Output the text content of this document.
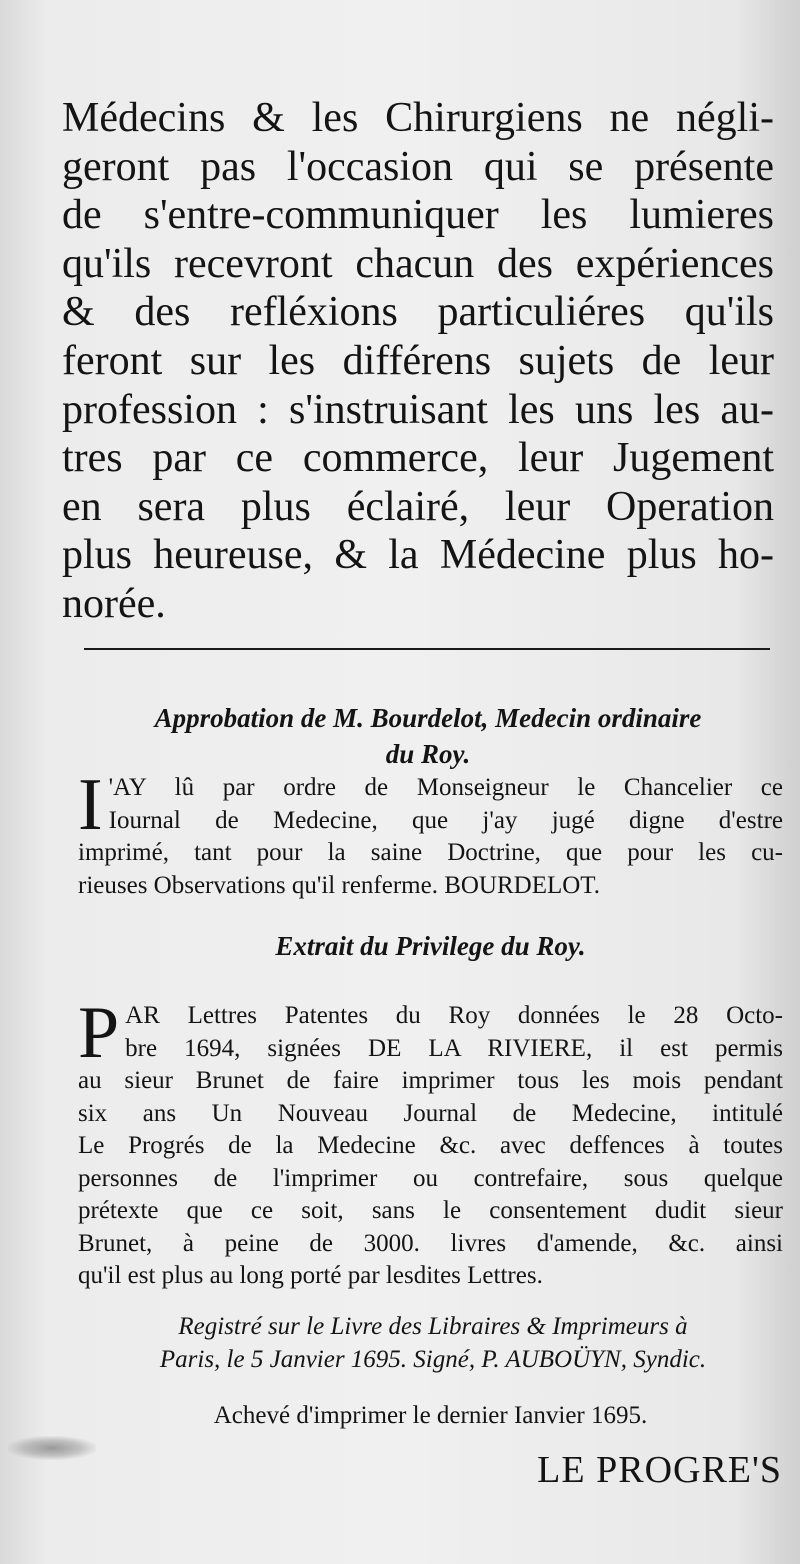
Médecins & les Chirurgiens ne négli-
geront pas l'occasion qui se présente
de s'entre-communiquer les lumieres
qu'ils recevront chacun des expériences
& des refléxions particuliéres qu'ils
feront sur les différens sujets de leur
profession : s'instruisant les uns les au-
tres par ce commerce, leur Jugement
en sera plus éclairé, leur Operation
plus heureuse, & la Médecine plus ho-
norée.
Approbation de M. Bourdelot, Medecin ordinaire
du Roy.
I 'AY lû par ordre de Monseigneur le Chancelier ce
Iournal de Medecine, que j'ay jugé digne d'estre
imprimé, tant pour la saine Doctrine, que pour les cu-
rieuses Observations qu'il renferme. BOURDELOT.
Extrait du Privilege du Roy.
P AR Lettres Patentes du Roy données le 28 Octo-
bre 1694, signées DE LA RIVIERE, il est permis
au sieur Brunet de faire imprimer tous les mois pendant
six ans Un Nouveau Journal de Medecine, intitulé
Le Progrés de la Medecine &c. avec deffences à toutes
personnes de l'imprimer ou contrefaire, sous quelque
prétexte que ce soit, sans le consentement dudit sieur
Brunet, à peine de 3000. livres d'amende, &c. ainsi
qu'il est plus au long porté par lesdites Lettres.
Registré sur le Livre des Libraires & Imprimeurs à
Paris, le 5 Janvier 1695. Signé, P. AUBOÜYN, Syndic.
Achevé d'imprimer le dernier Ianvier 1695.
LE PROGRE'S
